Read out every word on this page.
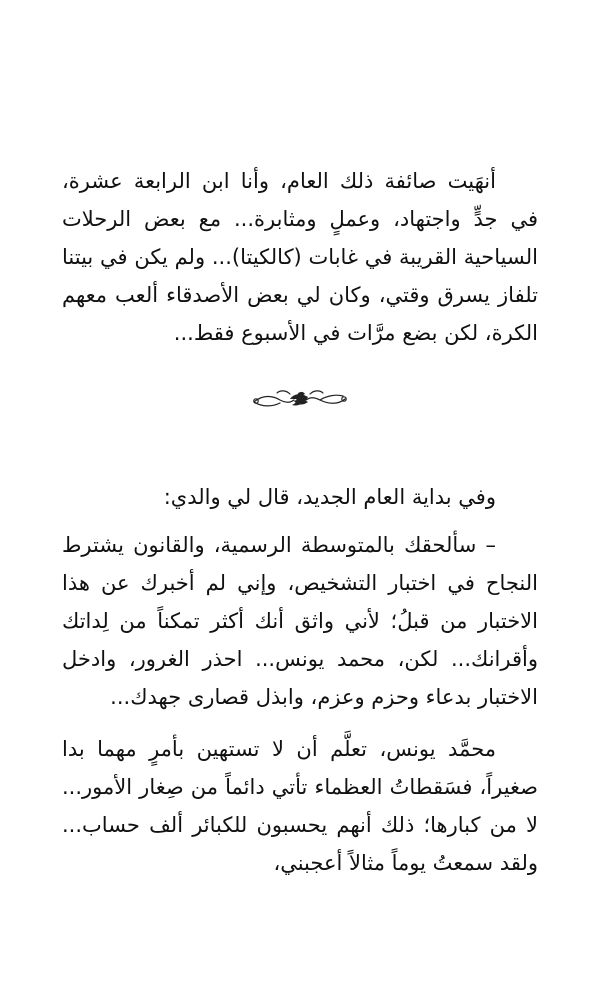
أنهَيت صائفة ذلك العام، وأنا ابن الرابعة عشرة، في جدٍّ واجتهاد، وعملٍ ومثابرة... مع بعض الرحلات السياحية القريبة في غابات (كالكيتا)... ولم يكن في بيتنا تلفاز يسرق وقتي، وكان لي بعض الأصدقاء ألعب معهم الكرة، لكن بضع مرَّات في الأسبوع فقط...

وفي بداية العام الجديد، قال لي والدي:

– سألحقك بالمتوسطة الرسمية، والقانون يشترط النجاح في اختبار التشخيص، وإني لم أخبرك عن هذا الاختبار من قبلُ؛ لأني واثق أنك أكثر تمكناً من لِداتك وأقرانك... لكن، محمد يونس... احذر الغرور، وادخل الاختبار بدعاء وحزم وعزم، وابذل قصارى جهدك...

محمَّد يونس، تعلَّم أن لا تستهين بأمرٍ مهما بدا صغيراً، فسَقطاتُ العظماء تأتي دائماً من صِغار الأمور... لا من كبارها؛ ذلك أنهم يحسبون للكبائر ألف حساب... ولقد سمعتُ يوماً مثالاً أعجبني،
